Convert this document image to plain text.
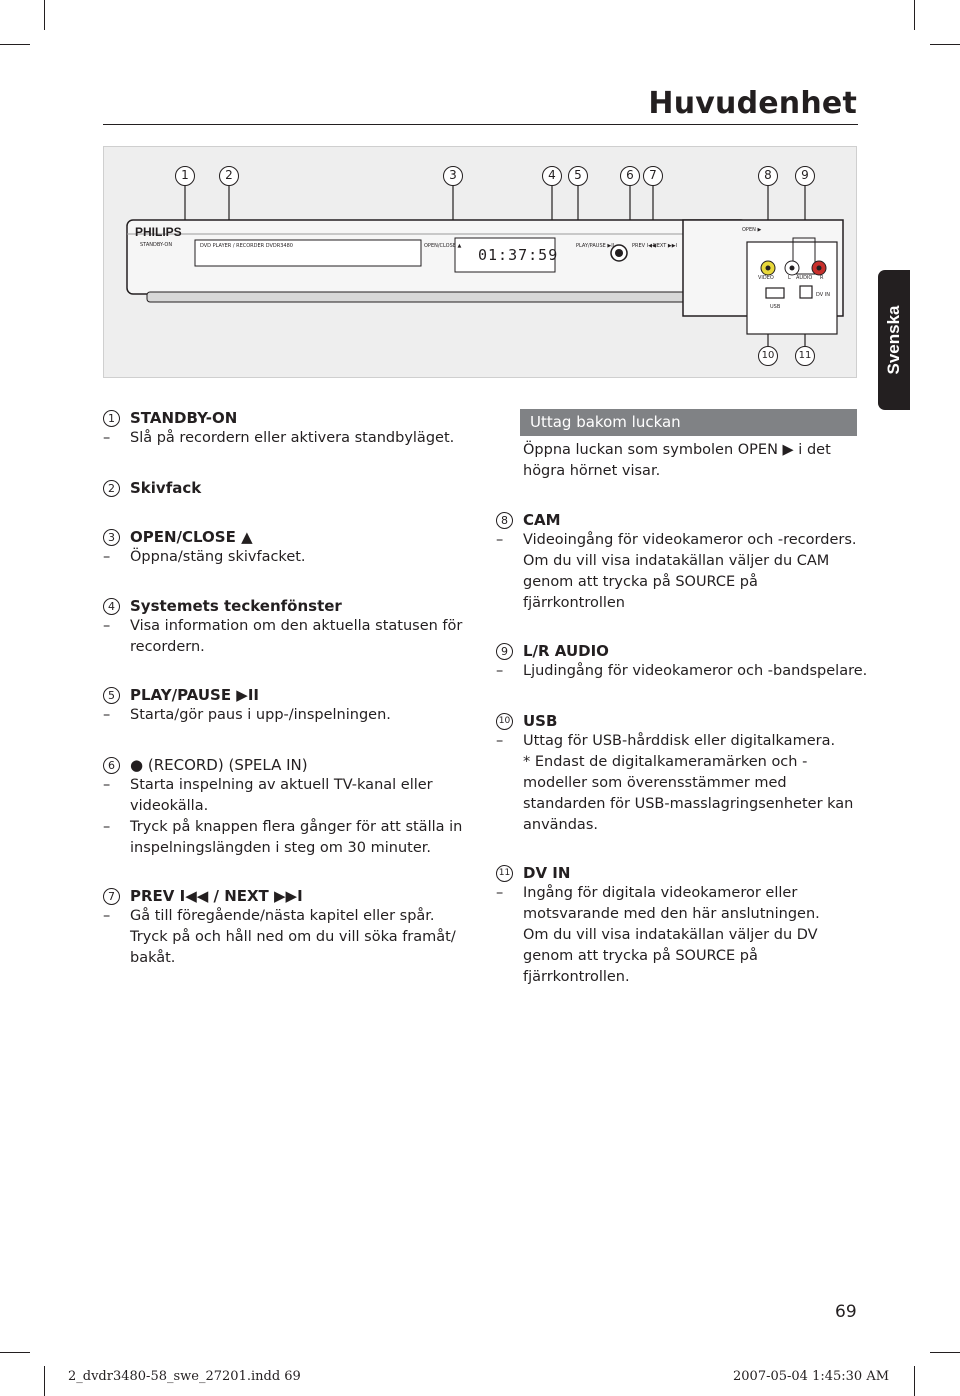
Huvudenhet
Svenska
PHILIPS
STANDBY-ON	DVD PLAYER / RECORDER DVDR3480	OPEN/CLOSE ▲ 01:37:59	PLAY/PAUSE ▶II	PREV I◀◀
NEXT ▶▶I
OPEN ▶
VIDEO	L AUDIO R
USB
DV IN
1	2	3	4	5	6	7	8	9
10	11
1	STANDBY-ON
– Slå på recordern eller aktivera standbyläget.
2	Skivfack
3	OPEN/CLOSE ▲
– Öppna/stäng skivfacket.
4	Systemets teckenfönster
– Visa information om den aktuella statusen för
recordern.
5	PLAY/PAUSE ▶II
– Starta/gör paus i upp-/inspelningen.
6	● (RECORD) (SPELA IN)
– Starta inspelning av aktuell TV-kanal eller
videokälla.
– Tryck på knappen flera gånger för att ställa in
inspelningslängden i steg om 30 minuter.
7	PREV I◀◀ / NEXT ▶▶I
– Gå till föregående/nästa kapitel eller spår.
Tryck på och håll ned om du vill söka framåt/
bakåt.
Uttag bakom luckan
Öppna luckan som symbolen OPEN ▶ i det
högra hörnet visar.
8	CAM
– Videoingång för videokameror och -recorders.
Om du vill visa indatakällan väljer du CAM
genom att trycka på SOURCE på
fjärrkontrollen
9	L/R AUDIO
– Ljudingång för videokameror och -bandspelare.
10 USB
– Uttag för USB-hårddisk eller digitalkamera.
* Endast de digitalkameramärken och -
modeller som överensstämmer med
standarden för USB-masslagringsenheter kan
användas.
11 DV IN
– Ingång för digitala videokameror eller
motsvarande med den här anslutningen.
Om du vill visa indatakällan väljer du DV
genom att trycka på SOURCE på
fjärrkontrollen.
69
2_dvdr3480-58_swe_27201.indd 69	2007-05-04 1:45:30 AM
